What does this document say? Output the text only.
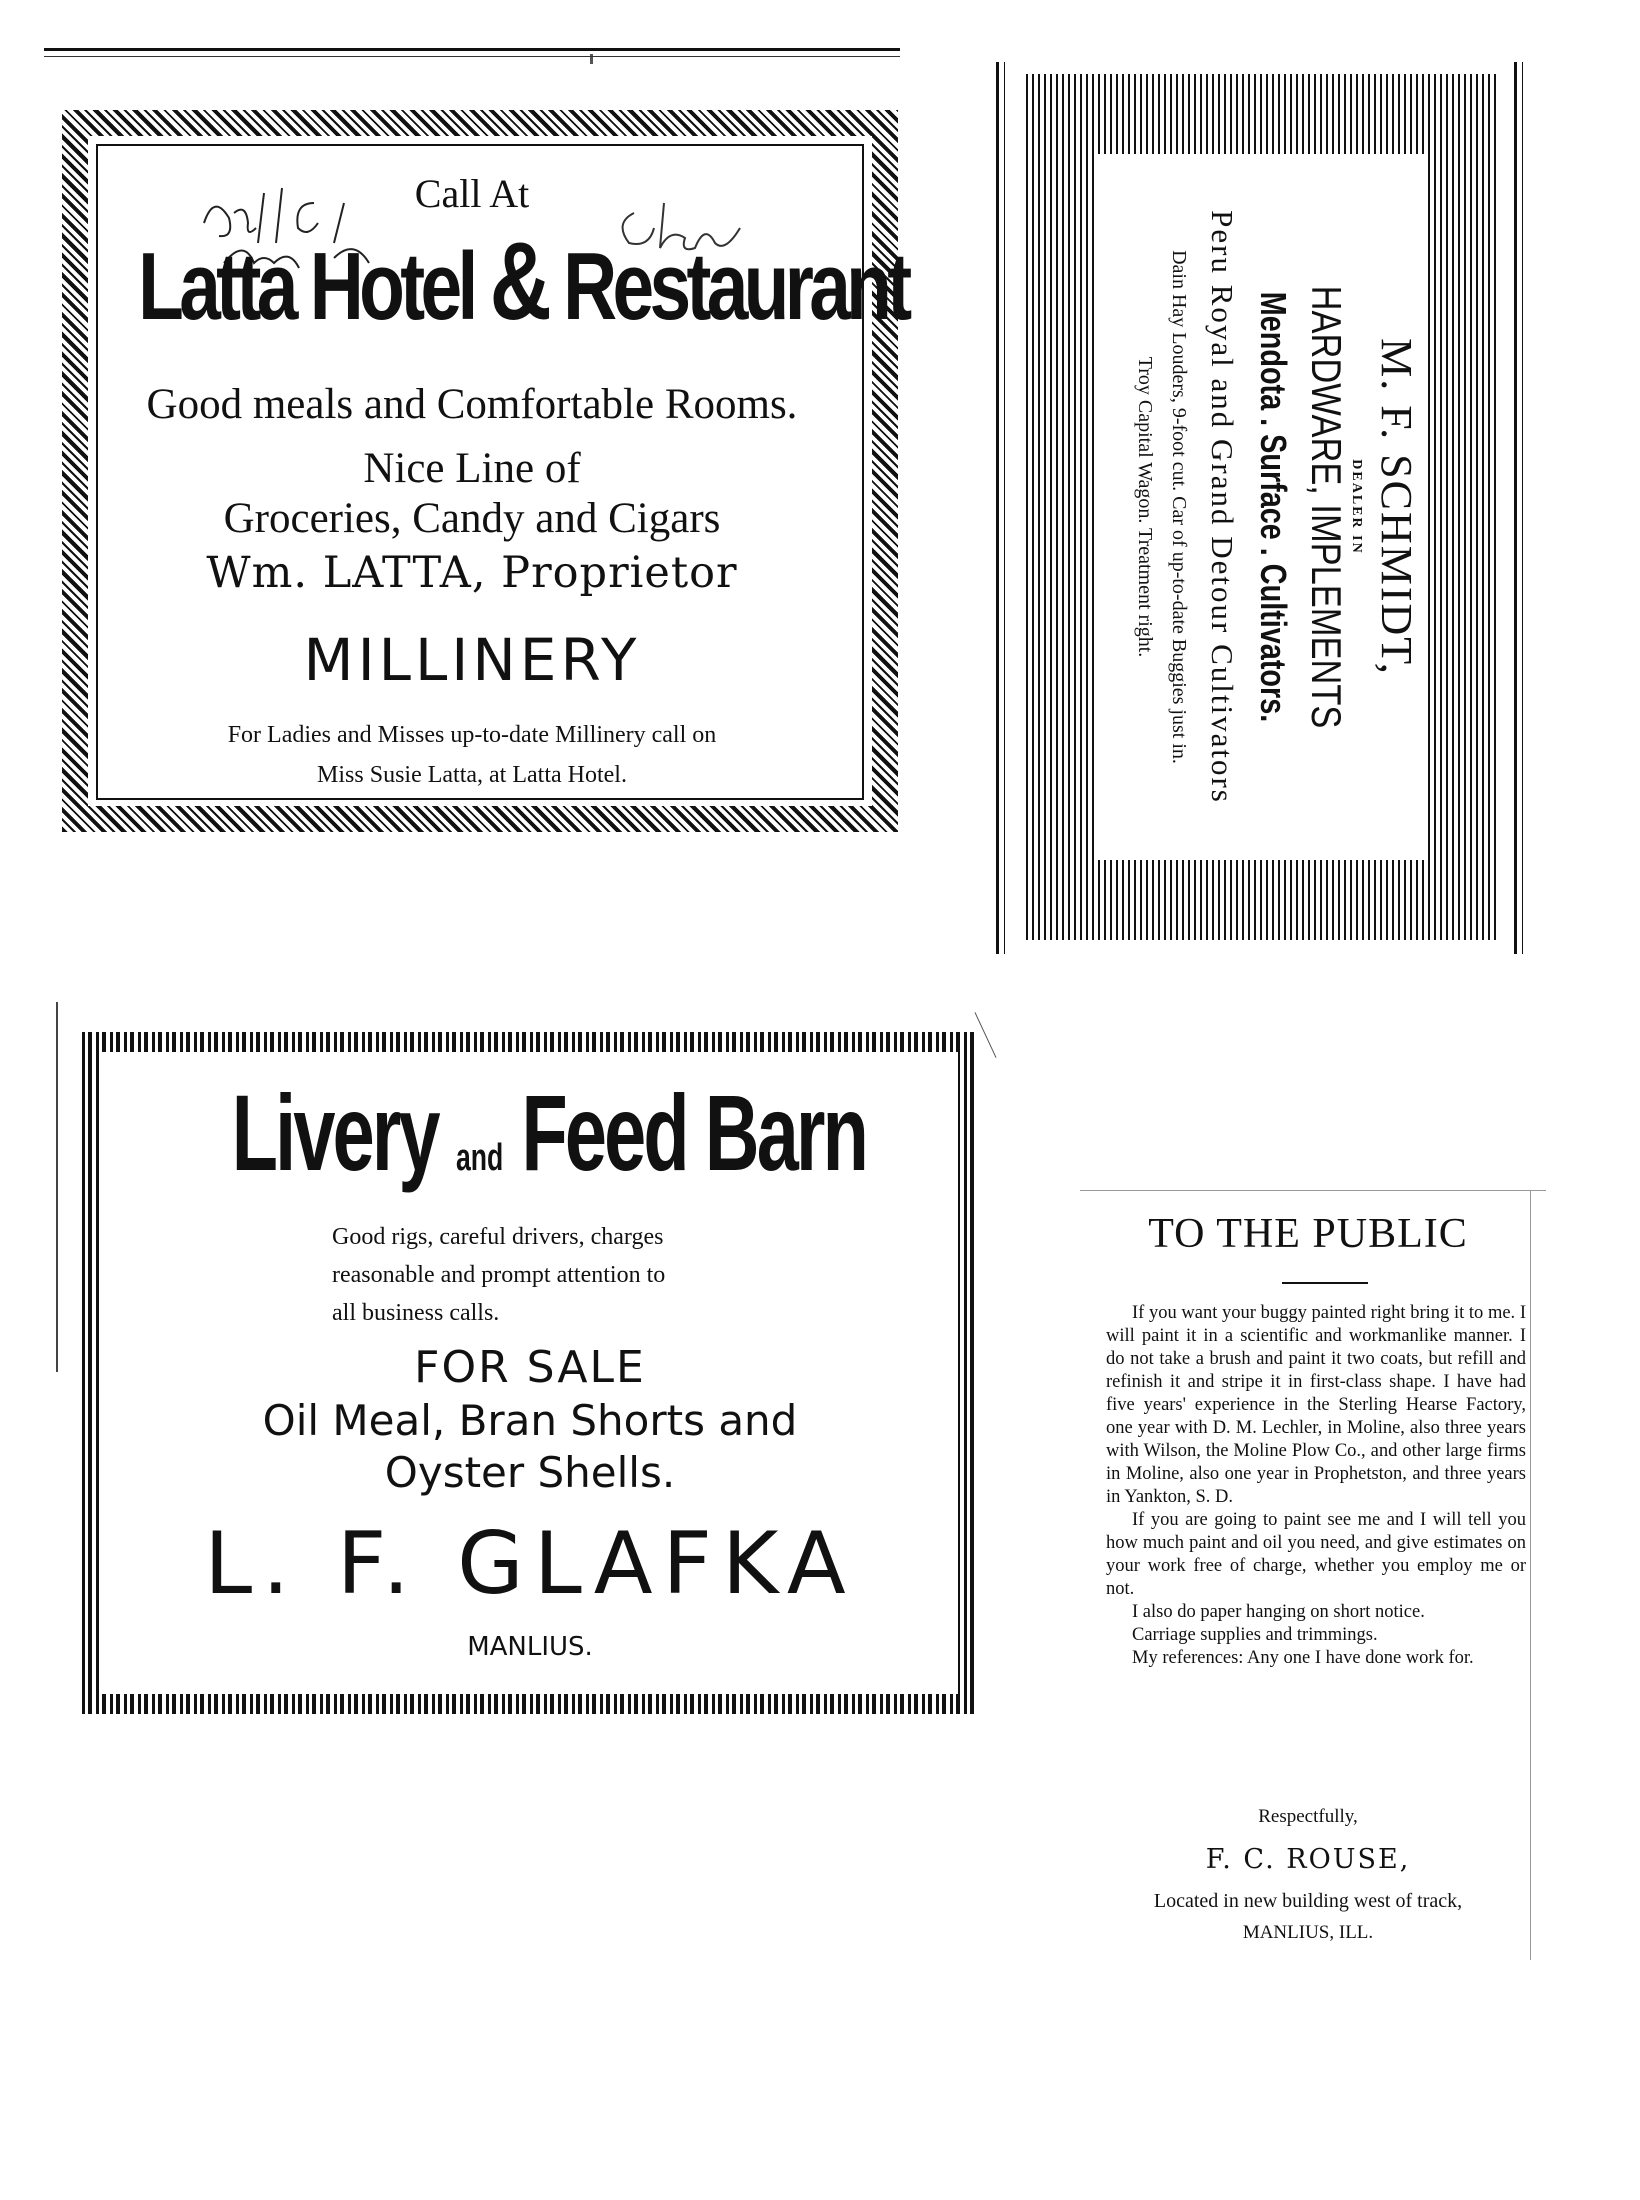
Call At
Latta Hotel & Restaurant
Good meals and Comfortable Rooms.
Nice Line of
Groceries, Candy and Cigars
Wm. LATTA, Proprietor
MILLINERY
For Ladies and Misses up-to-date Millinery call on
Miss Susie Latta, at Latta Hotel.
M. F. SCHMIDT,
DEALER IN
HARDWARE, IMPLEMENTS
Mendota . Surface . Cultivators.
Peru Royal and Grand Detour Cultivators
Dain Hay Louders, 9-foot cut. Car of up-to-date Buggies just in.
Troy Capital Wagon. Treatment right.
Livery and Feed Barn
Good rigs, careful drivers, charges
reasonable and prompt attention to
all business calls.
FOR SALE
Oil Meal, Bran Shorts and
Oyster Shells.
L. F. GLAFKA
MANLIUS.
TO THE PUBLIC

If you want your buggy painted right bring it to me. I will paint it in a scientific and workmanlike manner. I do not take a brush and paint it two coats, but refill and refinish it and stripe it in first-class shape. I have had five years' experience in the Sterling Hearse Factory, one year with D. M. Lechler, in Moline, also three years with Wilson, the Moline Plow Co., and other large firms in Moline, also one year in Prophetston, and three years in Yankton, S. D.

If you are going to paint see me and I will tell you how much paint and oil you need, and give estimates on your work free of charge, whether you employ me or not.

I also do paper hanging on short notice.

Carriage supplies and trimmings.

My references: Any one I have done work for.

Respectfully,
F. C. ROUSE,
Located in new building west of track,
MANLIUS, ILL.
